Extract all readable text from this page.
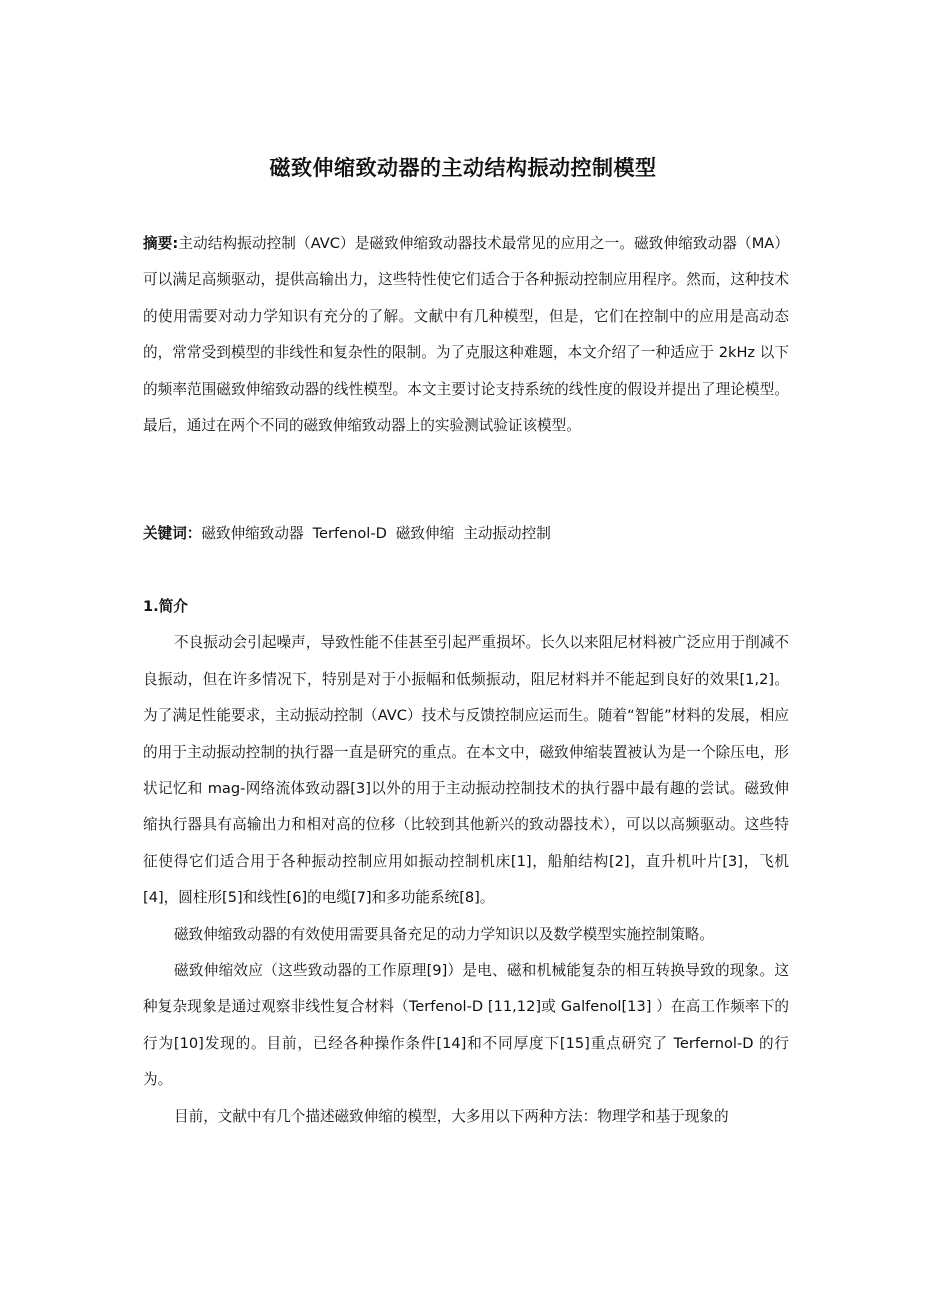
磁致伸缩致动器的主动结构振动控制模型

摘要:主动结构振动控制（AVC）是磁致伸缩致动器技术最常见的应用之一。磁致伸缩致动器（MA）可以满足高频驱动，提供高输出力，这些特性使它们适合于各种振动控制应用程序。然而，这种技术的使用需要对动力学知识有充分的了解。文献中有几种模型，但是，它们在控制中的应用是高动态的，常常受到模型的非线性和复杂性的限制。为了克服这种难题，本文介绍了一种适应于 2kHz 以下的频率范围磁致伸缩致动器的线性模型。本文主要讨论支持系统的线性度的假设并提出了理论模型。最后，通过在两个不同的磁致伸缩致动器上的实验测试验证该模型。

关键词：磁致伸缩致动器 Terfenol-D 磁致伸缩 主动振动控制

1.简介

不良振动会引起噪声，导致性能不佳甚至引起严重损坏。长久以来阻尼材料被广泛应用于削减不良振动，但在许多情况下，特别是对于小振幅和低频振动，阻尼材料并不能起到良好的效果[1,2]。为了满足性能要求，主动振动控制（AVC）技术与反馈控制应运而生。随着“智能”材料的发展，相应的用于主动振动控制的执行器一直是研究的重点。在本文中，磁致伸缩装置被认为是一个除压电，形状记忆和 mag-网络流体致动器[3]以外的用于主动振动控制技术的执行器中最有趣的尝试。磁致伸缩执行器具有高输出力和相对高的位移（比较到其他新兴的致动器技术），可以以高频驱动。这些特征使得它们适合用于各种振动控制应用如振动控制机床[1]，船舶结构[2]，直升机叶片[3]，飞机[4]，圆柱形[5]和线性[6]的电缆[7]和多功能系统[8]。

磁致伸缩致动器的有效使用需要具备充足的动力学知识以及数学模型实施控制策略。

磁致伸缩效应（这些致动器的工作原理[9]）是电、磁和机械能复杂的相互转换导致的现象。这种复杂现象是通过观察非线性复合材料（Terfenol-D [11,12]或 Galfenol[13] ）在高工作频率下的行为[10]发现的。目前，已经各种操作条件[14]和不同厚度下[15]重点研究了 Terfernol-D 的行为。

目前，文献中有几个描述磁致伸缩的模型，大多用以下两种方法：物理学和基于现象的
